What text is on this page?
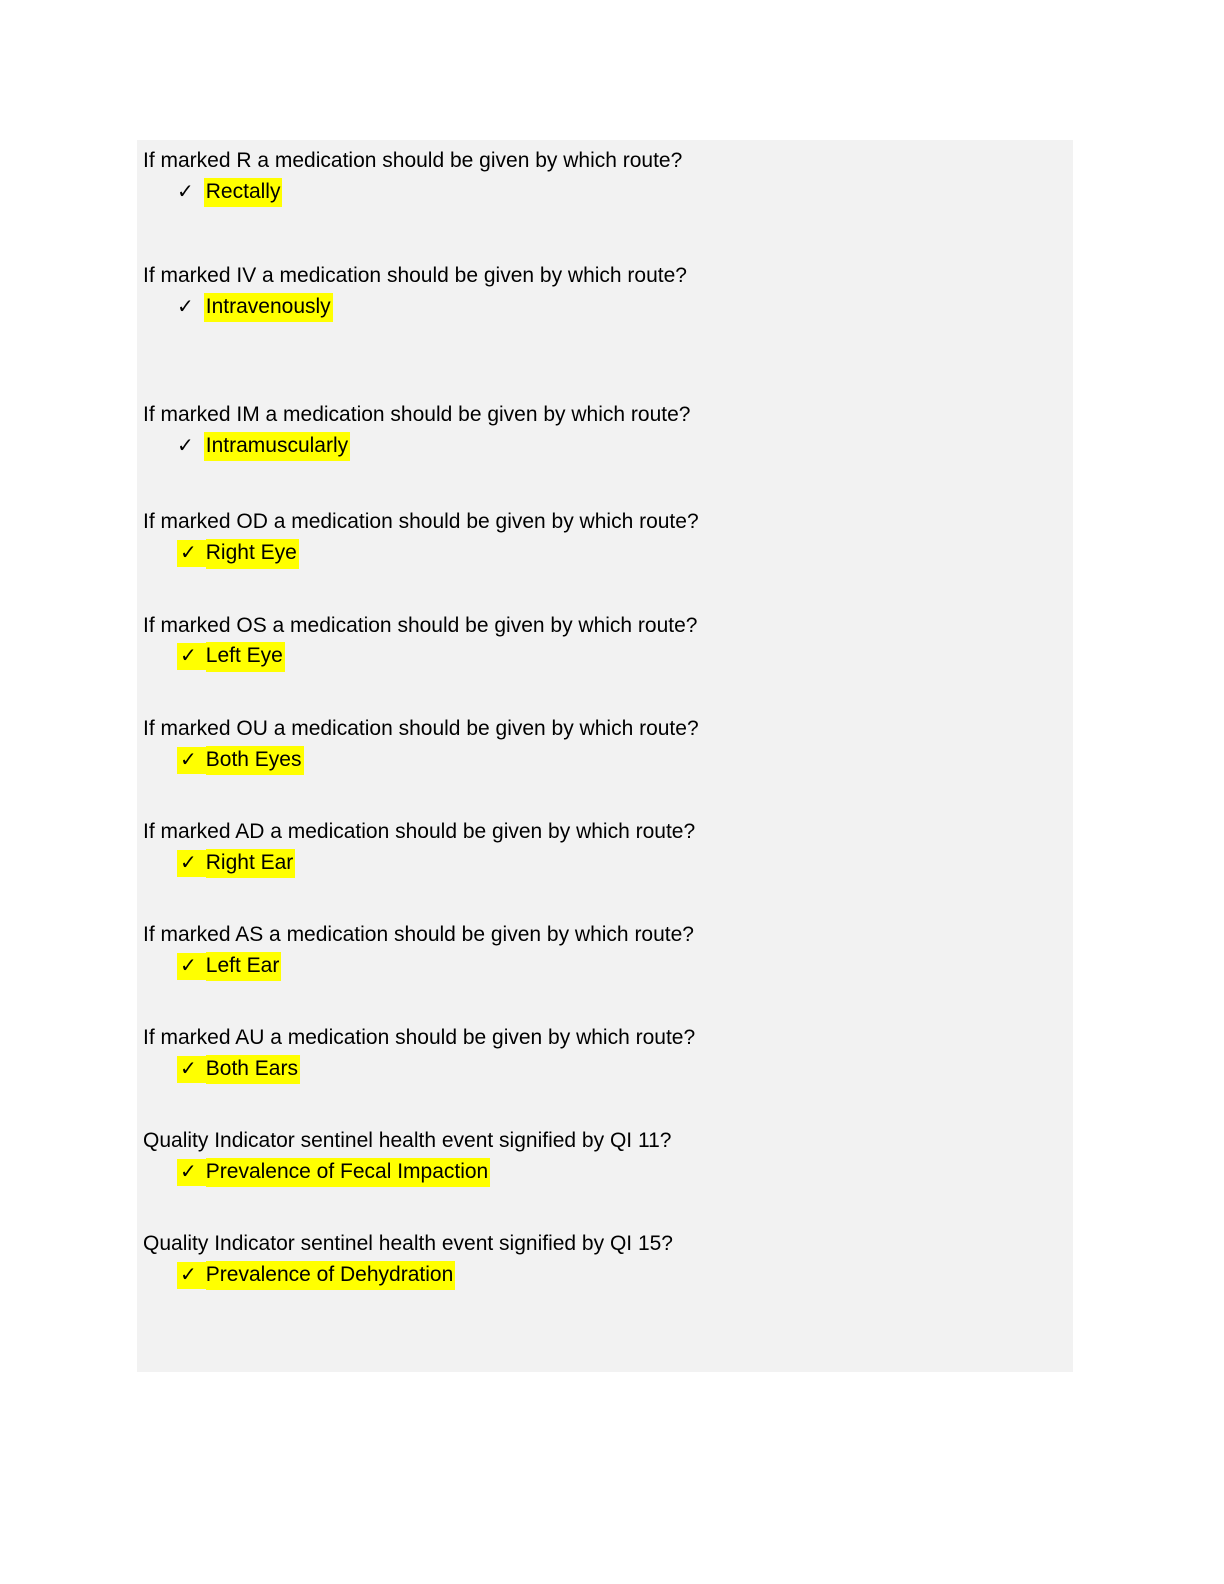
If marked R a medication should be given by which route?
✓ Rectally
If marked IV a medication should be given by which route?
✓ Intravenously
If marked IM a medication should be given by which route?
✓ Intramuscularly
If marked OD a medication should be given by which route?
✓ Right Eye
If marked OS a medication should be given by which route?
✓ Left Eye
If marked OU a medication should be given by which route?
✓ Both Eyes
If marked AD a medication should be given by which route?
✓ Right Ear
If marked AS a medication should be given by which route?
✓ Left Ear
If marked AU a medication should be given by which route?
✓ Both Ears
Quality Indicator sentinel health event signified by QI 11?
✓ Prevalence of Fecal Impaction
Quality Indicator sentinel health event signified by QI 15?
✓ Prevalence of Dehydration
